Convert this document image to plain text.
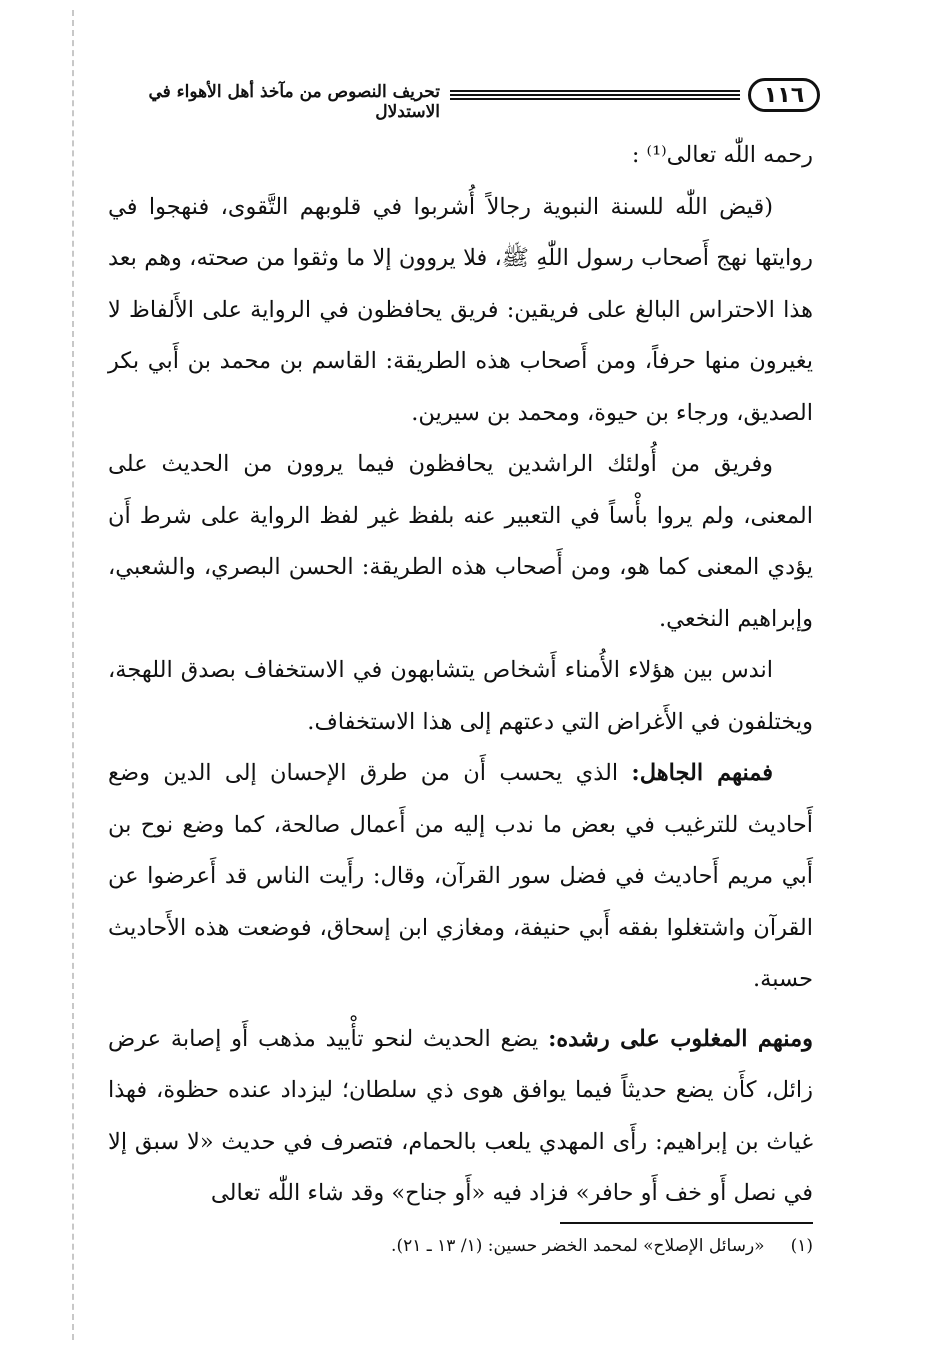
١١٦
تحريف النصوص من مآخذ أهل الأهواء في الاستدلال

رحمه اللّٰه تعالى⁽¹⁾ :

(قيض اللّٰه للسنة النبوية رجالاً أُشربوا في قلوبهم التَّقوى، فنهجوا في روايتها نهج أَصحاب رسول اللّٰهِ ﷺ، فلا يروون إلا ما وثقوا من صحته، وهم بعد هذا الاحتراس البالغ على فريقين: فريق يحافظون في الرواية على الأَلفاظ لا يغيرون منها حرفاً، ومن أَصحاب هذه الطريقة: القاسم بن محمد بن أَبي بكر الصديق، ورجاء بن حيوة، ومحمد بن سيرين.

وفريق من أُولئك الراشدين يحافظون فيما يروون من الحديث على المعنى، ولم يروا بأْساً في التعبير عنه بلفظ غير لفظ الرواية على شرط أَن يؤدي المعنى كما هو، ومن أَصحاب هذه الطريقة: الحسن البصري، والشعبي، وإبراهيم النخعي.

اندس بين هؤلاء الأُمناء أَشخاص يتشابهون في الاستخفاف بصدق اللهجة، ويختلفون في الأَغراض التي دعتهم إلى هذا الاستخفاف.

فمنهم الجاهل: الذي يحسب أَن من طرق الإحسان إلى الدين وضع أَحاديث للترغيب في بعض ما ندب إليه من أَعمال صالحة، كما وضع نوح بن أَبي مريم أَحاديث في فضل سور القرآن، وقال: رأَيت الناس قد أَعرضوا عن القرآن واشتغلوا بفقه أَبي حنيفة، ومغازي ابن إسحاق، فوضعت هذه الأَحاديث حسبة.

ومنهم المغلوب على رشده: يضع الحديث لنحو تأْييد مذهب أَو إصابة عرض زائل، كأَن يضع حديثاً فيما يوافق هوى ذي سلطان؛ ليزداد عنده حظوة، فهذا غياث بن إبراهيم: رأَى المهدي يلعب بالحمام، فتصرف في حديث «لا سبق إلا في نصل أَو خف أَو حافر» فزاد فيه «أَو جناح» وقد شاء اللّٰه تعالى

(١)«رسائل الإصلاح» لمحمد الخضر حسين: (١/ ١٣ ـ ٢١).
